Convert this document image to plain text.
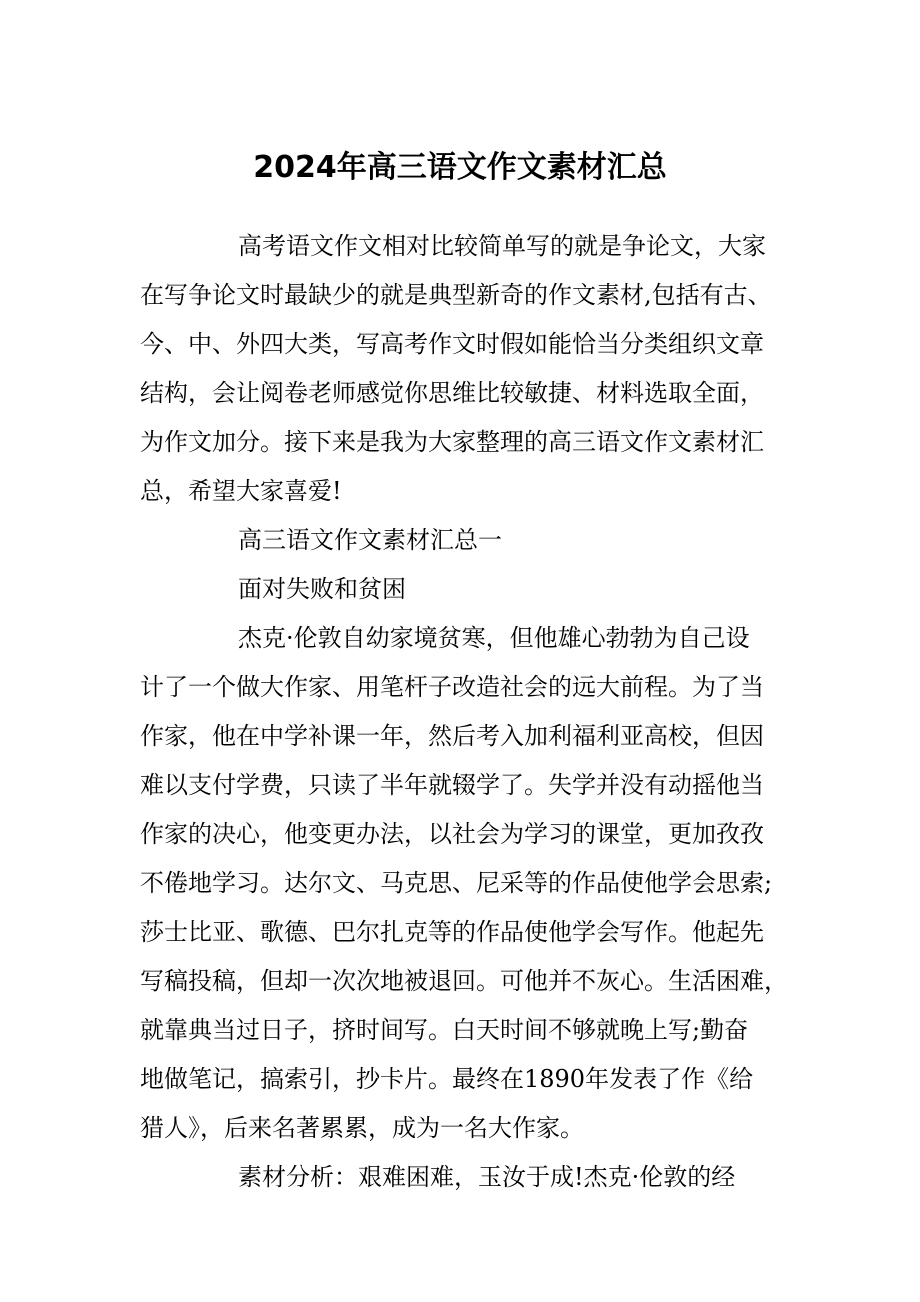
2024年高三语文作文素材汇总
高考语文作文相对比较简单写的就是争论文，大家
在写争论文时最缺少的就是典型新奇的作文素材,包括有古、
今、中、外四大类，写高考作文时假如能恰当分类组织文章
结构，会让阅卷老师感觉你思维比较敏捷、材料选取全面，
为作文加分。接下来是我为大家整理的高三语文作文素材汇
总，希望大家喜爱!
高三语文作文素材汇总一
面对失败和贫困
杰克·伦敦自幼家境贫寒，但他雄心勃勃为自己设
计了一个做大作家、用笔杆子改造社会的远大前程。为了当
作家，他在中学补课一年，然后考入加利福利亚高校，但因
难以支付学费，只读了半年就辍学了。失学并没有动摇他当
作家的决心，他变更办法，以社会为学习的课堂，更加孜孜
不倦地学习。达尔文、马克思、尼采等的作品使他学会思索;
莎士比亚、歌德、巴尔扎克等的作品使他学会写作。他起先
写稿投稿，但却一次次地被退回。可他并不灰心。生活困难，
就靠典当过日子，挤时间写。白天时间不够就晚上写;勤奋
地做笔记，搞索引，抄卡片。最终在1890年发表了作《给
猎人》，后来名著累累，成为一名大作家。
素材分析：艰难困难，玉汝于成!杰克·伦敦的经
